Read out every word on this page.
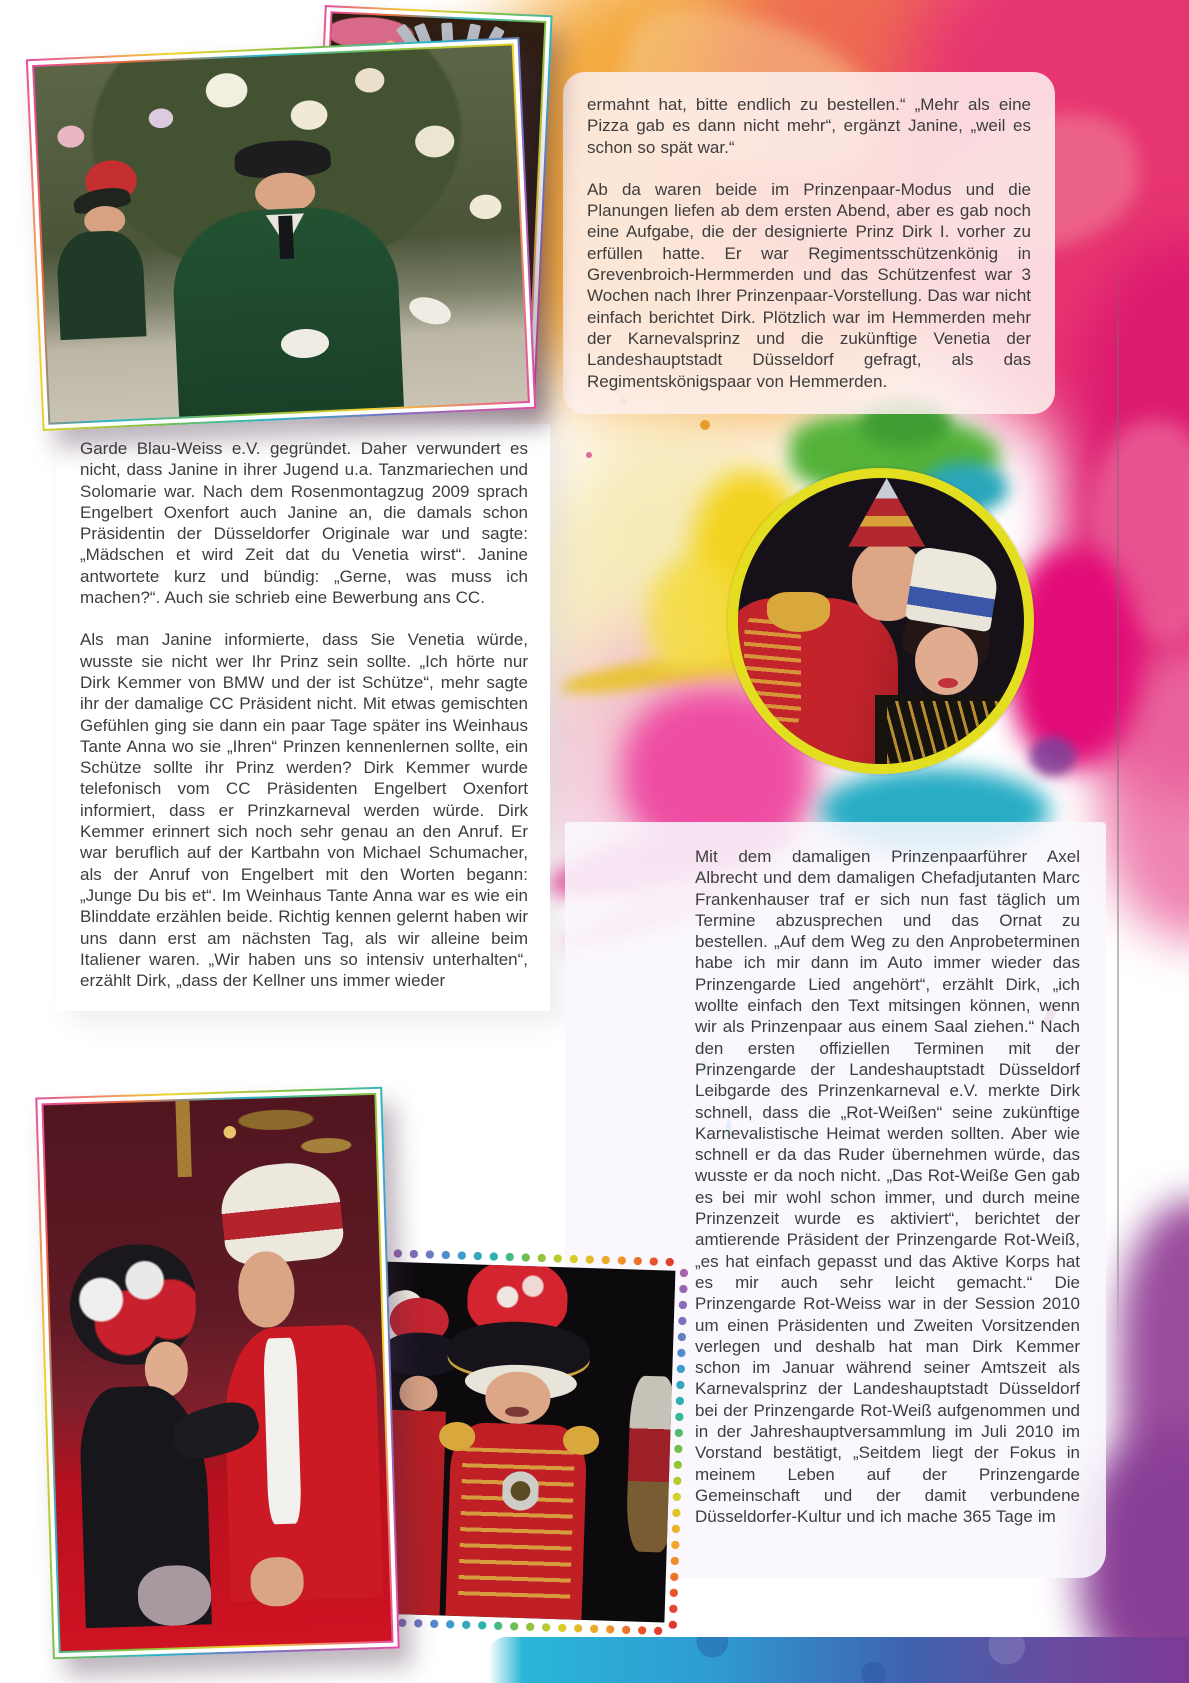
ermahnt hat, bitte endlich zu bestellen.“ „Mehr als eine Pizza gab es dann nicht mehr“, ergänzt Janine, „weil es schon so spät war.“

Ab da waren beide im Prinzenpaar-Modus und die Planungen liefen ab dem ersten Abend, aber es gab noch eine Aufgabe, die der designierte Prinz Dirk I. vorher zu erfüllen hatte. Er war Regimentsschützenkönig in Grevenbroich-Hermmerden und das Schützenfest war 3 Wochen nach Ihrer Prinzenpaar-Vorstellung. Das war nicht einfach berichtet Dirk. Plötzlich war im Hemmerden mehr der Karnevalsprinz und die zukünftige Venetia der Landeshauptstadt Düsseldorf gefragt, als das Regimentskönigspaar von Hemmerden.

Garde Blau-Weiss e.V. gegründet. Daher verwundert es nicht, dass Janine in ihrer Jugend u.a. Tanzmariechen und Solomarie war. Nach dem Rosenmontagzug 2009 sprach Engelbert Oxenfort auch Janine an, die damals schon Präsidentin der Düsseldorfer Originale war und sagte: „Mädschen et wird Zeit dat du Venetia wirst“. Janine antwortete kurz und bündig: „Gerne, was muss ich machen?“. Auch sie schrieb eine Bewerbung ans CC.

Als man Janine informierte, dass Sie Venetia würde, wusste sie nicht wer Ihr Prinz sein sollte. „Ich hörte nur Dirk Kemmer von BMW und der ist Schütze“, mehr sagte ihr der damalige CC Präsident nicht. Mit etwas gemischten Gefühlen ging sie dann ein paar Tage später ins Weinhaus Tante Anna wo sie „Ihren“ Prinzen kennenlernen sollte, ein Schütze sollte ihr Prinz werden? Dirk Kemmer wurde telefonisch vom CC Präsidenten Engelbert Oxenfort informiert, dass er Prinzkarneval werden würde. Dirk Kemmer erinnert sich noch sehr genau an den Anruf. Er war beruflich auf der Kartbahn von Michael Schumacher, als der Anruf von Engelbert mit den Worten begann: „Junge Du bis et“. Im Weinhaus Tante Anna war es wie ein Blinddate erzählen beide. Richtig kennen gelernt haben wir uns dann erst am nächsten Tag, als wir alleine beim Italiener waren. „Wir haben uns so intensiv unterhalten“, erzählt Dirk, „dass der Kellner uns immer wieder

Mit dem damaligen Prinzenpaarführer Axel Albrecht und dem damaligen Chefadjutanten Marc Frankenhauser traf er sich nun fast täglich um Termine abzusprechen und das Ornat zu bestellen. „Auf dem Weg zu den Anprobeterminen habe ich mir dann im Auto immer wieder das Prinzengarde Lied angehört“, erzählt Dirk, „ich wollte einfach den Text mitsingen können, wenn wir als Prinzenpaar aus einem Saal ziehen.“ Nach den ersten offiziellen Terminen mit der Prinzengarde der Landeshauptstadt Düsseldorf Leibgarde des Prinzenkarneval e.V. merkte Dirk schnell, dass die „Rot-Weißen“ seine zukünftige Karnevalistische Heimat werden sollten. Aber wie schnell er da das Ruder übernehmen würde, das wusste er da noch nicht. „Das Rot-Weiße Gen gab es bei mir wohl schon immer, und durch meine Prinzenzeit wurde es aktiviert“, berichtet der amtierende Präsident der Prinzengarde Rot-Weiß, „es hat einfach gepasst und das Aktive Korps hat es mir auch sehr leicht gemacht.“ Die Prinzengarde Rot-Weiss war in der Session 2010 um einen Präsidenten und Zweiten Vorsitzenden verlegen und deshalb hat man Dirk Kemmer schon im Januar während seiner Amtszeit als Karnevalsprinz der Landeshauptstadt Düsseldorf bei der Prinzengarde Rot-Weiß aufgenommen und in der Jahreshauptversammlung im Juli 2010 im Vorstand bestätigt, „Seitdem liegt der Fokus in meinem Leben auf der Prinzengarde Gemeinschaft und der damit verbundene Düsseldorfer-Kultur und ich mache 365 Tage im
